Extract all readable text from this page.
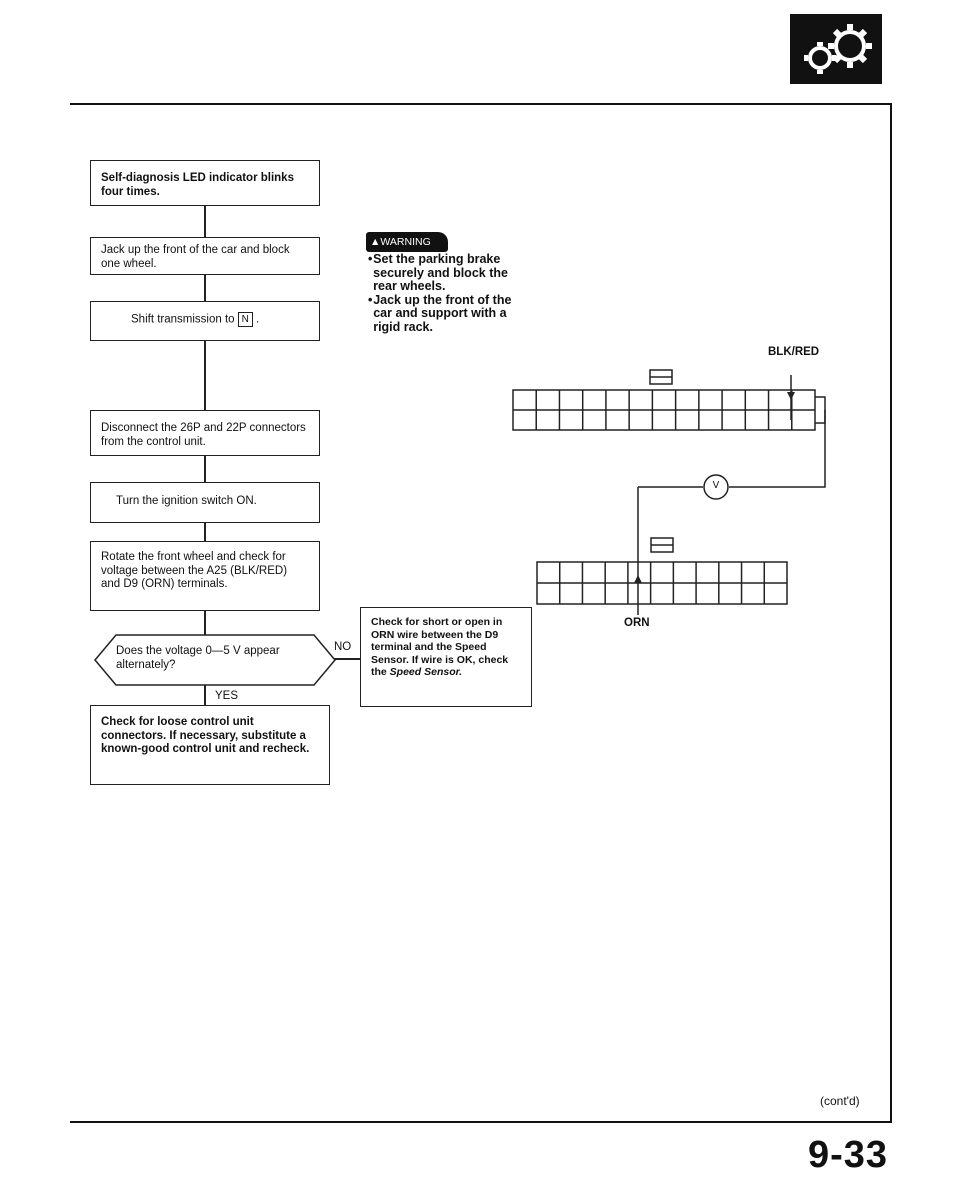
Self-diagnosis LED indicator blinks four times.
Jack up the front of the car and block one wheel.
Shift transmission to N .
Disconnect the 26P and 22P connectors from the control unit.
Turn the ignition switch ON.
Rotate the front wheel and check for voltage between the A25 (BLK/RED) and D9 (ORN) terminals.
Does the voltage 0—5 V appear alternately?
YES
NO
Check for loose control unit connectors. If necessary, substitute a known-good control unit and recheck.
Check for short or open in ORN wire between the D9 terminal and the Speed Sensor. If wire is OK, check the Speed Sensor.
▲WARNING
• Set the parking brake securely and block the rear wheels.
• Jack up the front of the car and support with a rigid rack.
V
BLK/RED
ORN
(cont'd)
9-33
